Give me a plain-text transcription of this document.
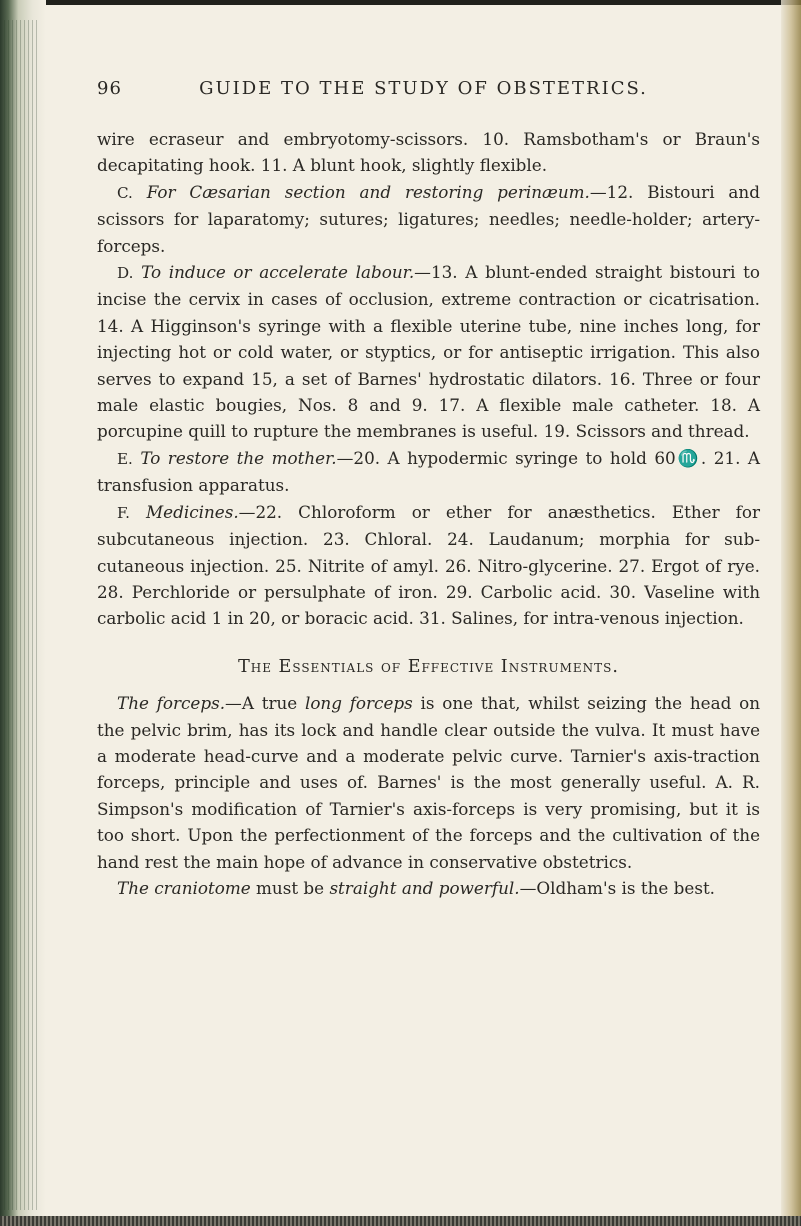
96	GUIDE TO THE STUDY OF OBSTETRICS.

wire ecraseur and embryotomy-scissors. 10. Ramsbotham's or Braun's decapitating hook. 11. A blunt hook, slightly flexible.

C. For Cæsarian section and restoring perinæum.—12. Bistouri and scissors for laparatomy; sutures; ligatures; needles; needle-holder; artery-forceps.

D. To induce or accelerate labour.—13. A blunt-ended straight bistouri to incise the cervix in cases of occlusion, extreme contraction or cicatrisation. 14. A Higginson's syringe with a flexible uterine tube, nine inches long, for injecting hot or cold water, or styptics, or for antiseptic irrigation. This also serves to expand 15, a set of Barnes' hydrostatic dilators. 16. Three or four male elastic bougies, Nos. 8 and 9. 17. A flexible male catheter. 18. A porcupine quill to rupture the membranes is useful. 19. Scissors and thread.

E. To restore the mother.—20. A hypodermic syringe to hold 60♏. 21. A transfusion apparatus.

F. Medicines.—22. Chloroform or ether for anæsthetics. Ether for subcutaneous injection. 23. Chloral. 24. Laudanum; morphia for sub-cutaneous injection. 25. Nitrite of amyl. 26. Nitro-glycerine. 27. Ergot of rye. 28. Perchloride or persulphate of iron. 29. Carbolic acid. 30. Vaseline with carbolic acid 1 in 20, or boracic acid. 31. Salines, for intra-venous injection.

The Essentials of Effective Instruments.

The forceps.—A true long forceps is one that, whilst seizing the head on the pelvic brim, has its lock and handle clear outside the vulva. It must have a moderate head-curve and a moderate pelvic curve. Tarnier's axis-traction forceps, principle and uses of. Barnes' is the most generally useful. A. R. Simpson's modification of Tarnier's axis-forceps is very promising, but it is too short. Upon the perfectionment of the forceps and the cultivation of the hand rest the main hope of advance in conservative obstetrics.

The craniotome must be straight and powerful.—Oldham's is the best.
